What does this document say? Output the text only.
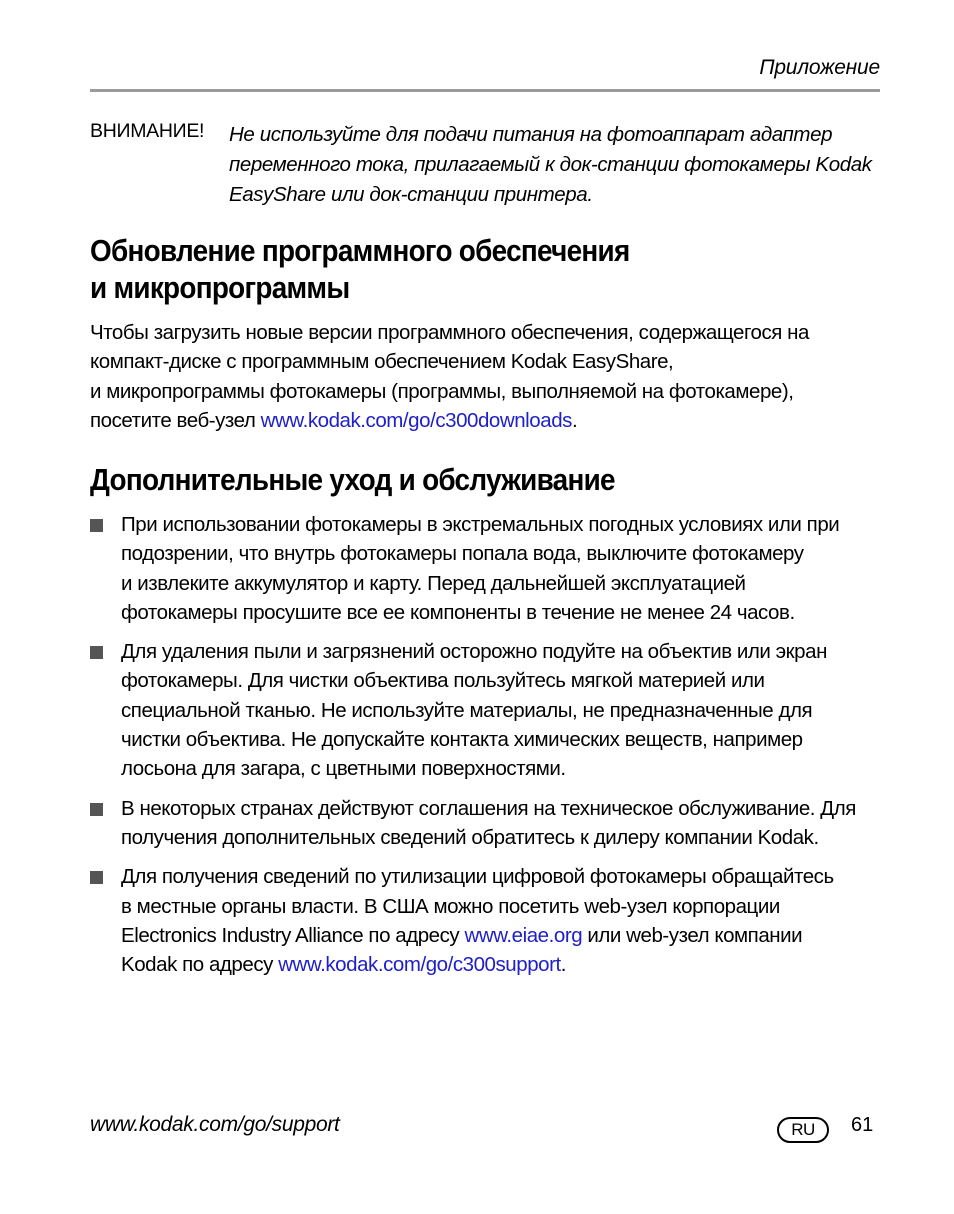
Приложение
ВНИМАНИЕ! Не используйте для подачи питания на фотоаппарат адаптер
переменного тока, прилагаемый к док-станции фотокамеры Kodak
EasyShare или док-станции принтера.
Обновление программного обеспечения
и микропрограммы
Чтобы загрузить новые версии программного обеспечения, содержащегося на
компакт-диске с программным обеспечением Kodak EasyShare,
и микропрограммы фотокамеры (программы, выполняемой на фотокамере),
посетите веб-узел www.kodak.com/go/c300downloads.
Дополнительные уход и обслуживание
При использовании фотокамеры в экстремальных погодных условиях или при
подозрении, что внутрь фотокамеры попала вода, выключите фотокамеру
и извлеките аккумулятор и карту. Перед дальнейшей эксплуатацией
фотокамеры просушите все ее компоненты в течение не менее 24 часов.
Для удаления пыли и загрязнений осторожно подуйте на объектив или экран
фотокамеры. Для чистки объектива пользуйтесь мягкой материей или
специальной тканью. Не используйте материалы, не предназначенные для
чистки объектива. Не допускайте контакта химических веществ, например
лосьона для загара, с цветными поверхностями.
В некоторых странах действуют соглашения на техническое обслуживание. Для
получения дополнительных сведений обратитесь к дилеру компании Kodak.
Для получения сведений по утилизации цифровой фотокамеры обращайтесь
в местные органы власти. В США можно посетить web-узел корпорации
Electronics Industry Alliance по адресу www.eiae.org или web-узел компании
Kodak по адресу www.kodak.com/go/c300support.
www.kodak.com/go/support	RU	61
